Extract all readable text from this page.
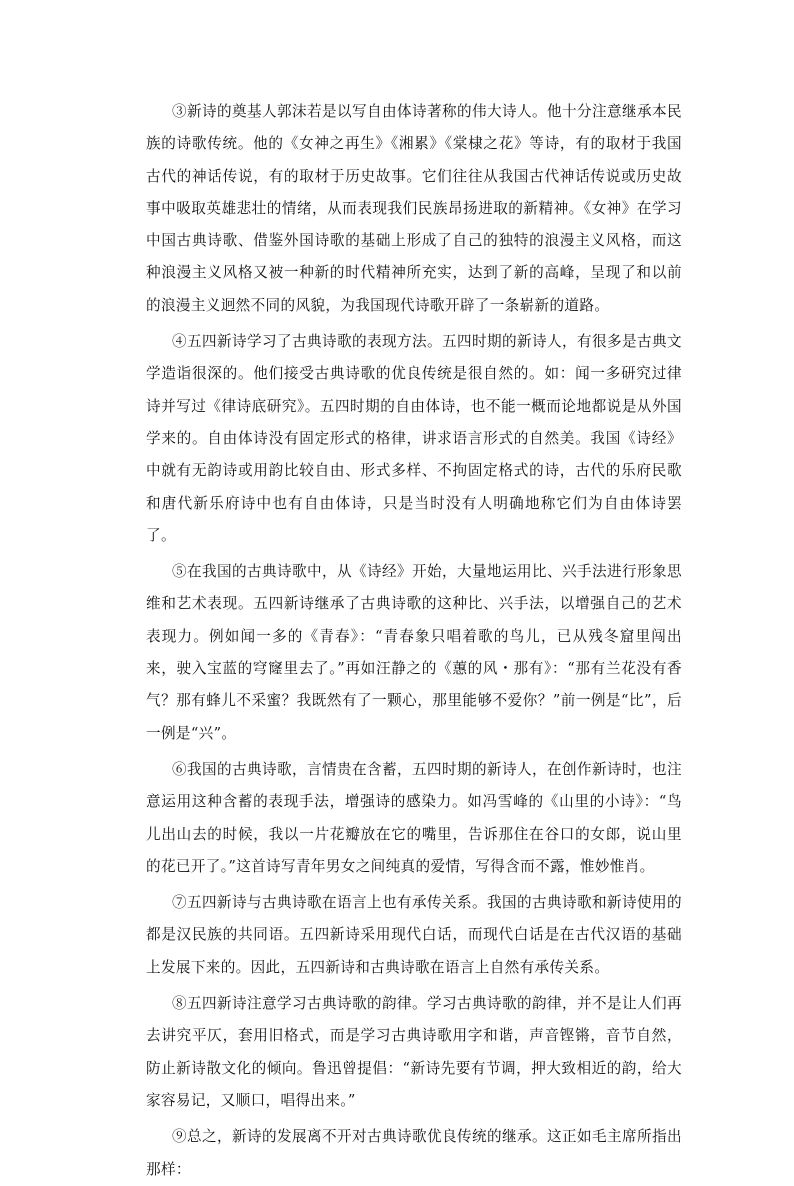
③新诗的奠基人郭沫若是以写自由体诗著称的伟大诗人。他十分注意继承本民族的诗歌传统。他的《女神之再生》《湘累》《棠棣之花》等诗，有的取材于我国古代的神话传说，有的取材于历史故事。它们往往从我国古代神话传说或历史故事中吸取英雄悲壮的情绪，从而表现我们民族昂扬进取的新精神。《女神》在学习中国古典诗歌、借鉴外国诗歌的基础上形成了自己的独特的浪漫主义风格，而这种浪漫主义风格又被一种新的时代精神所充实，达到了新的高峰，呈现了和以前的浪漫主义迥然不同的风貌，为我国现代诗歌开辟了一条崭新的道路。

④五四新诗学习了古典诗歌的表现方法。五四时期的新诗人，有很多是古典文学造诣很深的。他们接受古典诗歌的优良传统是很自然的。如：闻一多研究过律诗并写过《律诗底研究》。五四时期的自由体诗，也不能一概而论地都说是从外国学来的。自由体诗没有固定形式的格律，讲求语言形式的自然美。我国《诗经》中就有无韵诗或用韵比较自由、形式多样、不拘固定格式的诗，古代的乐府民歌和唐代新乐府诗中也有自由体诗，只是当时没有人明确地称它们为自由体诗罢了。

⑤在我国的古典诗歌中，从《诗经》开始，大量地运用比、兴手法进行形象思维和艺术表现。五四新诗继承了古典诗歌的这种比、兴手法，以增强自己的艺术表现力。例如闻一多的《青春》：“青春象只唱着歌的鸟儿，已从残冬窟里闯出来，驶入宝蓝的穹窿里去了。”再如汪静之的《蕙的风・那有》：“那有兰花没有香气？那有蜂儿不采蜜？我既然有了一颗心，那里能够不爱你？”前一例是“比”，后一例是“兴”。

⑥我国的古典诗歌，言情贵在含蓄，五四时期的新诗人，在创作新诗时，也注意运用这种含蓄的表现手法，增强诗的感染力。如冯雪峰的《山里的小诗》：“鸟儿出山去的时候，我以一片花瓣放在它的嘴里，告诉那住在谷口的女郎，说山里的花已开了。”这首诗写青年男女之间纯真的爱情，写得含而不露，惟妙惟肖。

⑦五四新诗与古典诗歌在语言上也有承传关系。我国的古典诗歌和新诗使用的都是汉民族的共同语。五四新诗采用现代白话，而现代白话是在古代汉语的基础上发展下来的。因此，五四新诗和古典诗歌在语言上自然有承传关系。

⑧五四新诗注意学习古典诗歌的韵律。学习古典诗歌的韵律，并不是让人们再去讲究平仄，套用旧格式，而是学习古典诗歌用字和谐，声音铿锵，音节自然，防止新诗散文化的倾向。鲁迅曾提倡：“新诗先要有节调，押大致相近的韵，给大家容易记，又顺口，唱得出来。”

⑨总之，新诗的发展离不开对古典诗歌优良传统的继承。这正如毛主席所指出那样：
